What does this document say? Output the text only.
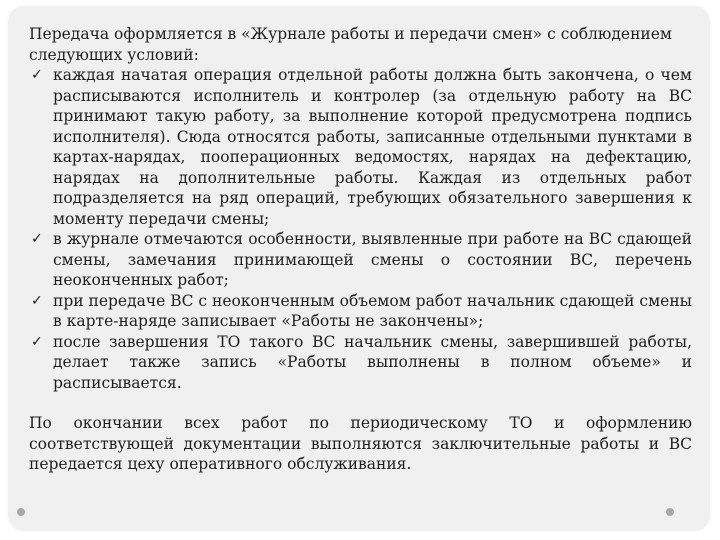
Передача оформляется в «Журнале работы и передачи смен» с соблюдением следующих условий:

✓ каждая начатая операция отдельной работы должна быть закончена, о чем расписываются исполнитель и контролер (за отдельную работу на ВС принимают такую работу, за выполнение которой предусмотрена подпись исполнителя). Сюда относятся работы, записанные отдельными пунктами в картах-нарядах, пооперационных ведомостях, нарядах на дефектацию, нарядах на дополнительные работы. Каждая из отдельных работ подразделяется на ряд операций, требующих обязательного завершения к моменту передачи смены;
✓ в журнале отмечаются особенности, выявленные при работе на ВС сдающей смены, замечания принимающей смены о состоянии ВС, перечень неоконченных работ;
✓ при передаче ВС с неоконченным объемом работ начальник сдающей смены в карте-наряде записывает «Работы не закончены»;
✓ после завершения ТО такого ВС начальник смены, завершившей работы, делает также запись «Работы выполнены в полном объеме» и расписывается.

По окончании всех работ по периодическому ТО и оформлению соответствующей документации выполняются заключительные работы и ВС передается цеху оперативного обслуживания.
